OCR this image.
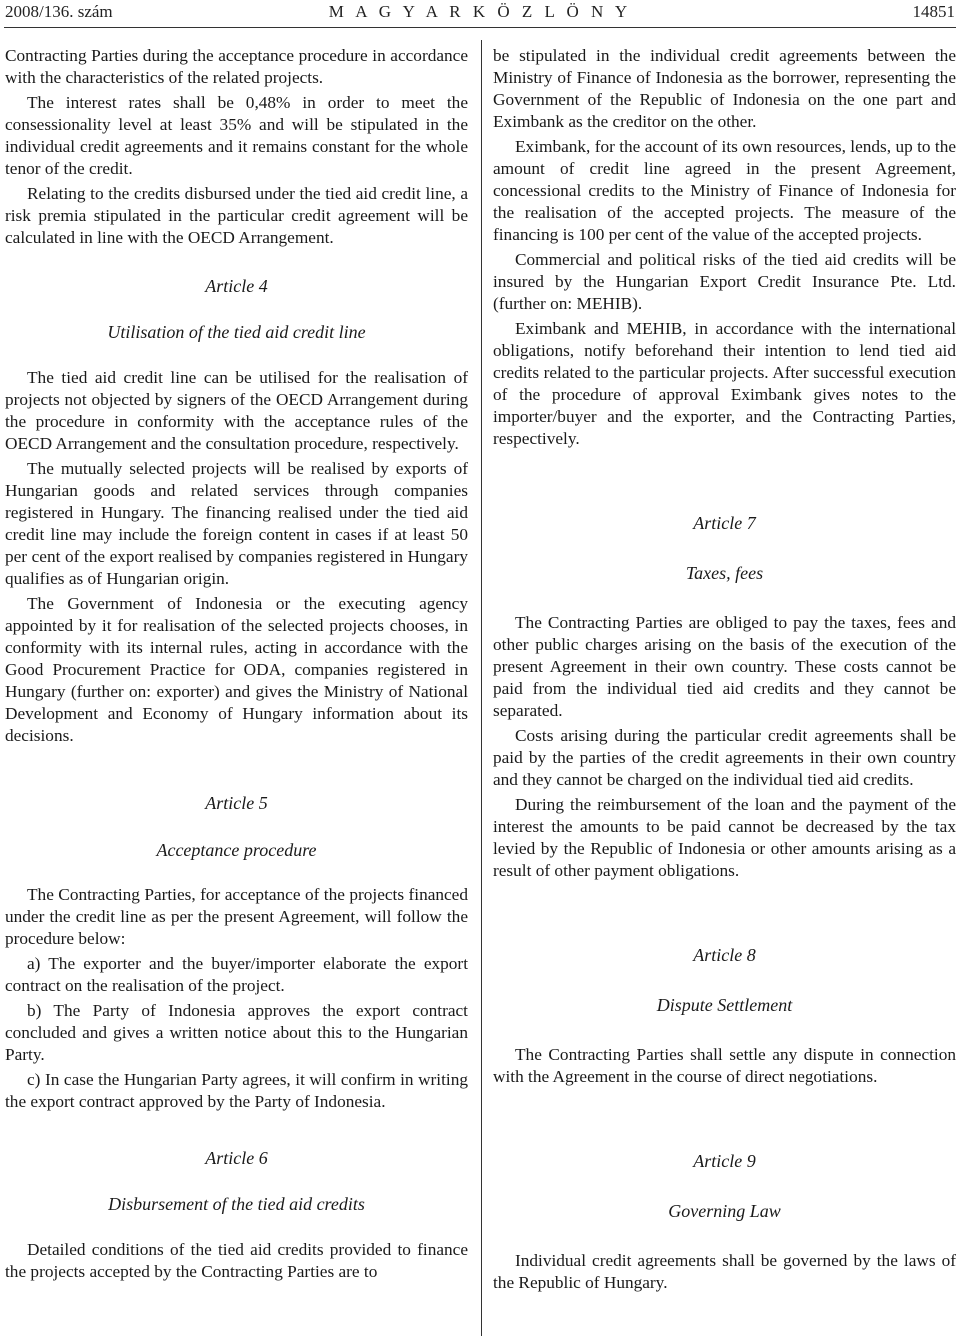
2008/136. szám	M A G Y A R K Ö Z L Ö N Y	14851

Contracting Parties during the acceptance procedure in accordance with the characteristics of the related projects.

The interest rates shall be 0,48% in order to meet the consessionality level at least 35% and will be stipulated in the individual credit agreements and it remains constant for the whole tenor of the credit.

Relating to the credits disbursed under the tied aid credit line, a risk premia stipulated in the particular credit agreement will be calculated in line with the OECD Arrangement.

Article 4
Utilisation of the tied aid credit line

The tied aid credit line can be utilised for the realisation of projects not objected by signers of the OECD Arrangement during the procedure in conformity with the acceptance rules of the OECD Arrangement and the consultation procedure, respectively.

The mutually selected projects will be realised by exports of Hungarian goods and related services through companies registered in Hungary. The financing realised under the tied aid credit line may include the foreign content in cases if at least 50 per cent of the export realised by companies registered in Hungary qualifies as of Hungarian origin.

The Government of Indonesia or the executing agency appointed by it for realisation of the selected projects chooses, in conformity with its internal rules, acting in accordance with the Good Procurement Practice for ODA, companies registered in Hungary (further on: exporter) and gives the Ministry of National Development and Economy of Hungary information about its decisions.

Article 5
Acceptance procedure

The Contracting Parties, for acceptance of the projects financed under the credit line as per the present Agreement, will follow the procedure below:

a) The exporter and the buyer/importer elaborate the export contract on the realisation of the project.

b) The Party of Indonesia approves the export contract concluded and gives a written notice about this to the Hungarian Party.

c) In case the Hungarian Party agrees, it will confirm in writing the export contract approved by the Party of Indonesia.

Article 6
Disbursement of the tied aid credits

Detailed conditions of the tied aid credits provided to finance the projects accepted by the Contracting Parties are to

be stipulated in the individual credit agreements between the Ministry of Finance of Indonesia as the borrower, representing the Government of the Republic of Indonesia on the one part and Eximbank as the creditor on the other.

Eximbank, for the account of its own resources, lends, up to the amount of credit line agreed in the present Agreement, concessional credits to the Ministry of Finance of Indonesia for the realisation of the accepted projects. The measure of the financing is 100 per cent of the value of the accepted projects.

Commercial and political risks of the tied aid credits will be insured by the Hungarian Export Credit Insurance Pte. Ltd. (further on: MEHIB).

Eximbank and MEHIB, in accordance with the international obligations, notify beforehand their intention to lend tied aid credits related to the particular projects. After successful execution of the procedure of approval Eximbank gives notes to the importer/buyer and the exporter, and the Contracting Parties, respectively.

Article 7
Taxes, fees

The Contracting Parties are obliged to pay the taxes, fees and other public charges arising on the basis of the execution of the present Agreement in their own country. These costs cannot be paid from the individual tied aid credits and they cannot be separated.

Costs arising during the particular credit agreements shall be paid by the parties of the credit agreements in their own country and they cannot be charged on the individual tied aid credits.

During the reimbursement of the loan and the payment of the interest the amounts to be paid cannot be decreased by the tax levied by the Republic of Indonesia or other amounts arising as a result of other payment obligations.

Article 8
Dispute Settlement

The Contracting Parties shall settle any dispute in connection with the Agreement in the course of direct negotiations.

Article 9
Governing Law

Individual credit agreements shall be governed by the laws of the Republic of Hungary.
